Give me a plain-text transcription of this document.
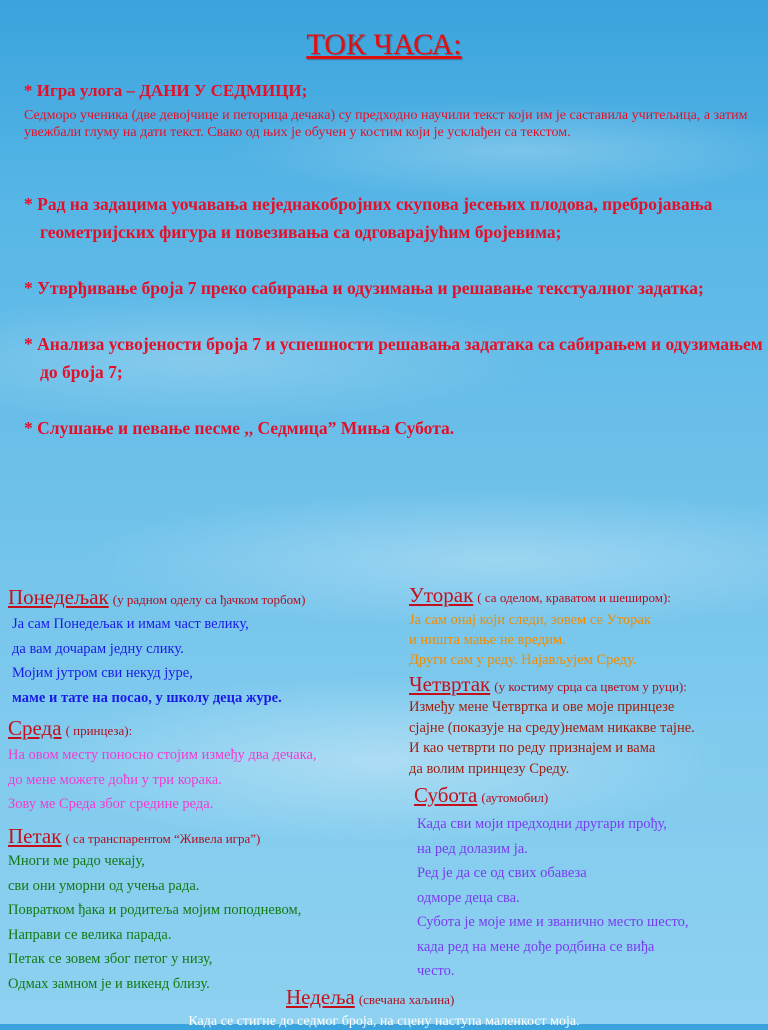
ТОК ЧАСА:
* Игра улога – ДАНИ У СЕДМИЦИ;
Седморо ученика (две девојчице и петорица дечака) су предходно научили текст који им је саставила учитељица, а затим увежбали глуму на дати текст. Свако од њих је обучен у костим који је усклађен са текстом.
* Рад на задацима уочавања неједнакобројних скупова јесењих плодова, пребројавања геометријских фигура и повезивања са одговарајућим бројевима;
* Утврђивање броја 7 преко сабирања и одузимања и решавање текстуалног задатка;
* Анализа усвојености броја 7 и успешности решавања задатака са сабирањем и одузимањем до броја 7;
* Слушање и певање песме ,, Седмица” Миња Субота.
Понедељак (у радном оделу са ђачком торбом)
Ја сам Понедељак и имам част велику,
да вам дочарам једну слику.
Мојим јутром сви некуд јуре,
маме и тате на посао, у школу деца журе.
Среда ( принцеза):
На овом месту поносно стојим између два дечака,
до мене можете доћи у три корака.
Зову ме Среда због средине реда.
Петак ( са транспарентом “Живела игра”)
Многи ме радо чекају,
сви они уморни од учења рада.
Повратком ђака и родитеља мојим поподневом,
Направи се велика парада.
Петак се зовем због петог у низу,
Одмах замном је и викенд близу.
Уторак ( са оделом, краватом и шеширом):
Ја сам онај који следи, зовем се Уторак
и ништа мање не вредим.
Други сам у реду. Најављујем Среду.
Четвртак (у костиму срца са цветом у руци):
Између мене Четвртка и ове моје принцезе
сјајне (показује на среду)немам никакве тајне.
И као четврти по реду признајем и вама
да волим принцезу Среду.
Субота (аутомобил)
Када сви моји предходни другари прођу,
на ред долазим ја.
Ред је да се од свих обавеза
одморе деца сва.
Субота је моје име и званично место шесто,
када ред на мене дође родбина се виђа
често.
Недеља (свечана хаљина)
Када се стигне до седмог броја, на сцену наступа маленкост моја.
